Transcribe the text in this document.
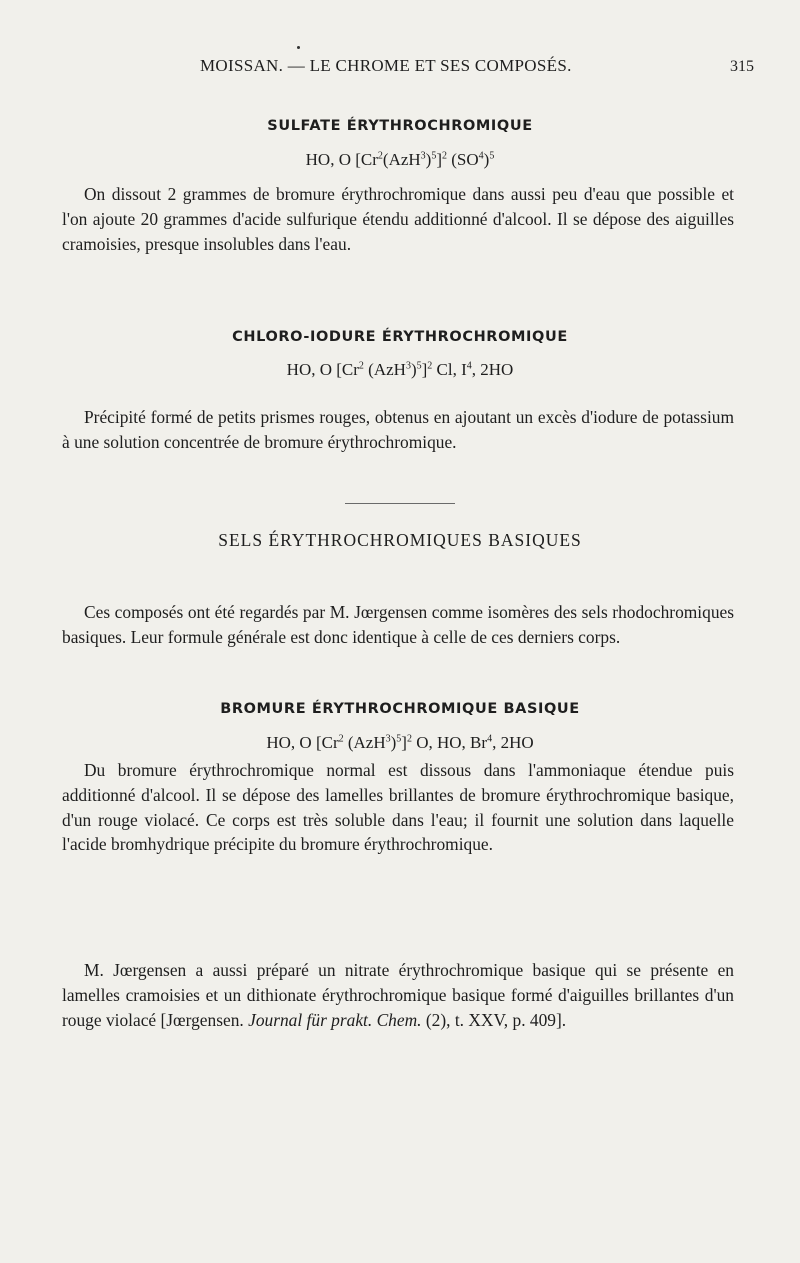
MOISSAN. — LE CHROME ET SES COMPOSÉS.	315
SULFATE ÉRYTHROCHROMIQUE
HO, O $[Cr^2(AzH^3)^5]^2$ $(SO^4)^5$

On dissout 2 grammes de bromure érythrochromique dans aussi peu d'eau que possible et l'on ajoute 20 grammes d'acide sulfurique étendu additionné d'alcool. Il se dépose des aiguilles cramoisies, presque insolubles dans l'eau.

CHLORO-IODURE ÉRYTHROCHROMIQUE
HO, O [Cr$^2$ $(AzH^3)^5]^2$ Cl, $I^4$, 2HO

Précipité formé de petits prismes rouges, obtenus en ajoutant un excès d'iodure de potassium à une solution concentrée de bromure érythrochromique.

SELS ÉRYTHROCHROMIQUES BASIQUES

Ces composés ont été regardés par M. Jœrgensen comme isomères des sels rhodochromiques basiques. Leur formule générale est donc identique à celle de ces derniers corps.

BROMURE ÉRYTHROCHROMIQUE BASIQUE
HO, O [Cr$^2$ $(AzH^3)^5]^2$ O, HO, Br$^4$, 2HO

Du bromure érythrochromique normal est dissous dans l'ammoniaque étendue puis additionné d'alcool. Il se dépose des lamelles brillantes de bromure érythrochromique basique, d'un rouge violacé. Ce corps est très soluble dans l'eau; il fournit une solution dans laquelle l'acide bromhydrique précipite du bromure érythrochromique.

M. Jœrgensen a aussi préparé un nitrate érythrochromique basique qui se présente en lamelles cramoisies et un dithionate érythrochromique basique formé d'aiguilles brillantes d'un rouge violacé [Jœrgensen. Journal für prakt. Chem. (2), t. XXV, p. 409].
